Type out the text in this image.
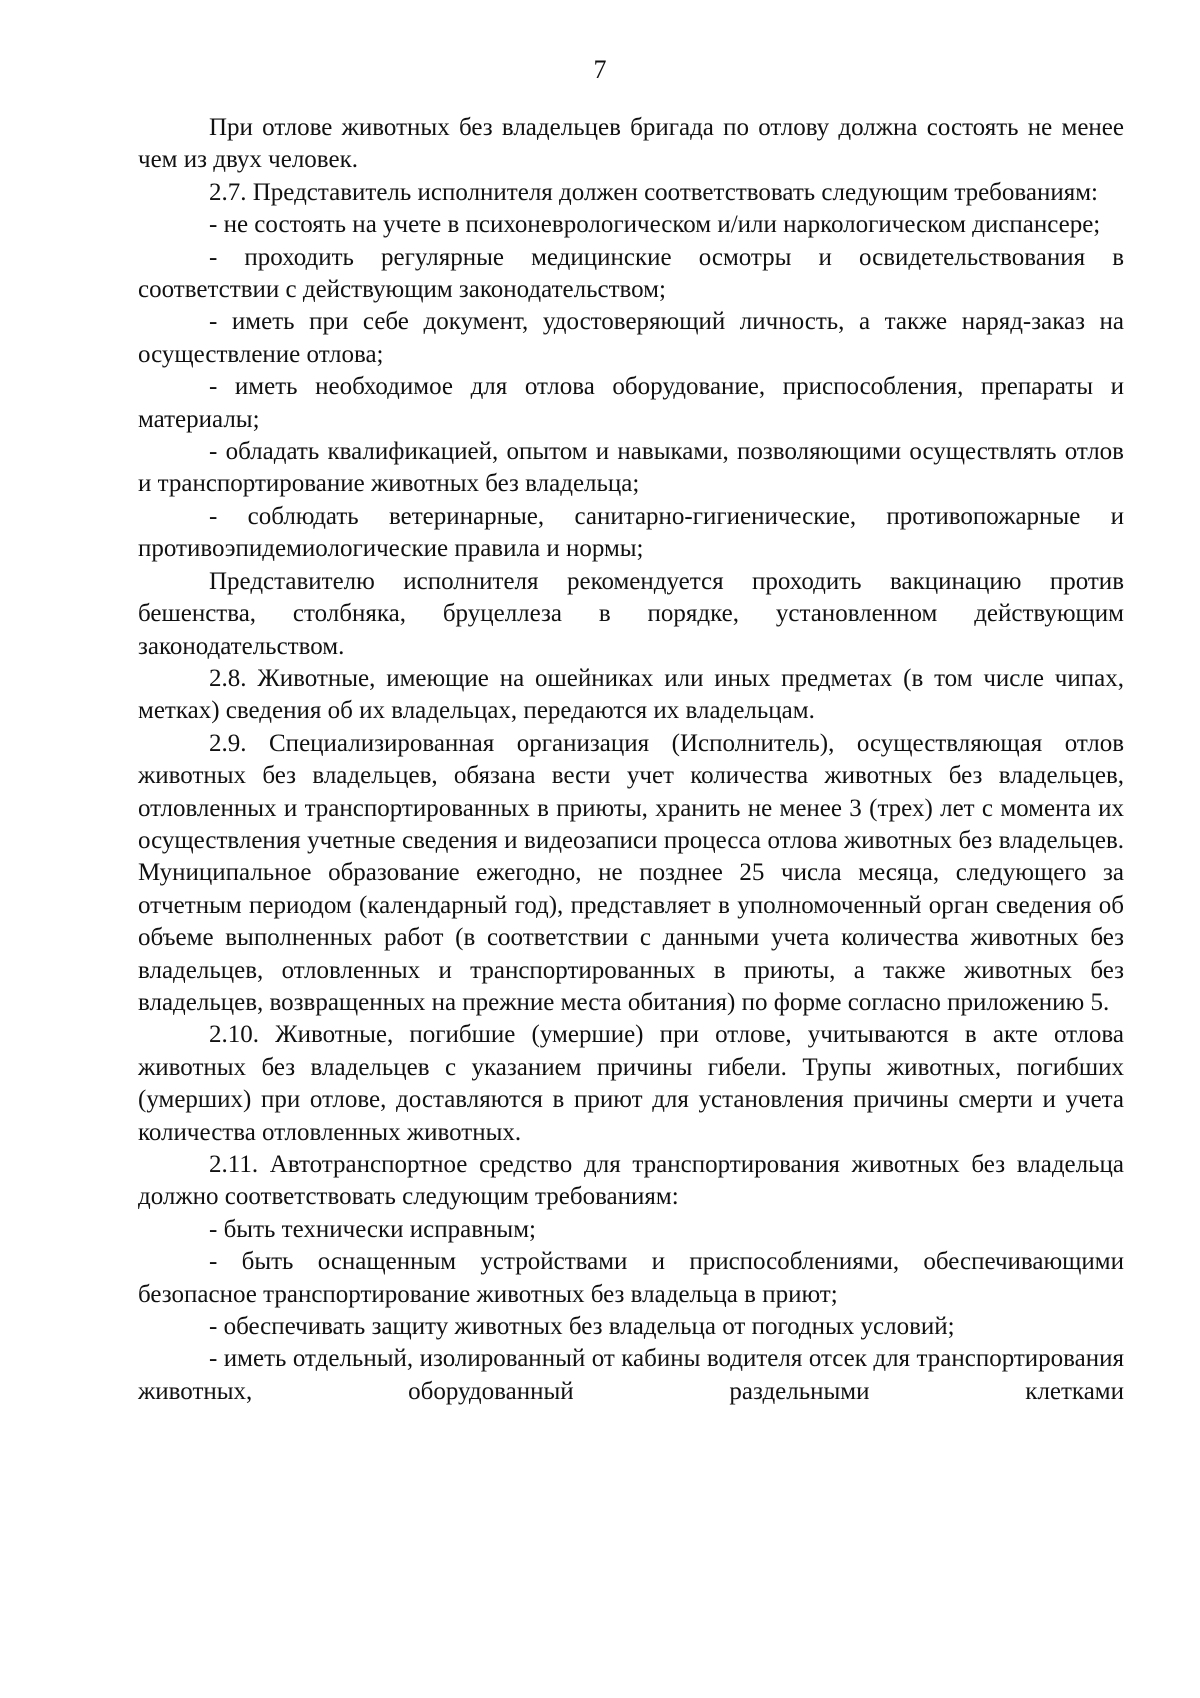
7

При отлове животных без владельцев бригада по отлову должна состоять не менее чем из двух человек.

2.7. Представитель исполнителя должен соответствовать следующим требованиям:

- не состоять на учете в психоневрологическом и/или наркологическом диспансере;

- проходить регулярные медицинские осмотры и освидетельствования в соответствии с действующим законодательством;

- иметь при себе документ, удостоверяющий личность, а также наряд-заказ на осуществление отлова;

- иметь необходимое для отлова оборудование, приспособления, препараты и материалы;

- обладать квалификацией, опытом и навыками, позволяющими осуществлять отлов и транспортирование животных без владельца;

- соблюдать ветеринарные, санитарно-гигиенические, противопожарные и противоэпидемиологические правила и нормы;

Представителю исполнителя рекомендуется проходить вакцинацию против бешенства, столбняка, бруцеллеза в порядке, установленном действующим законодательством.

2.8. Животные, имеющие на ошейниках или иных предметах (в том числе чипах, метках) сведения об их владельцах, передаются их владельцам.

2.9. Специализированная организация (Исполнитель), осуществляющая отлов животных без владельцев, обязана вести учет количества животных без владельцев, отловленных и транспортированных в приюты, хранить не менее 3 (трех) лет с момента их осуществления учетные сведения и видеозаписи процесса отлова животных без владельцев. Муниципальное образование ежегодно, не позднее 25 числа месяца, следующего за отчетным периодом (календарный год), представляет в уполномоченный орган сведения об объеме выполненных работ (в соответствии с данными учета количества животных без владельцев, отловленных и транспортированных в приюты, а также животных без владельцев, возвращенных на прежние места обитания) по форме согласно приложению 5.

2.10. Животные, погибшие (умершие) при отлове, учитываются в акте отлова животных без владельцев с указанием причины гибели. Трупы животных, погибших (умерших) при отлове, доставляются в приют для установления причины смерти и учета количества отловленных животных.

2.11. Автотранспортное средство для транспортирования животных без владельца должно соответствовать следующим требованиям:

- быть технически исправным;

- быть оснащенным устройствами и приспособлениями, обеспечивающими безопасное транспортирование животных без владельца в приют;

- обеспечивать защиту животных без владельца от погодных условий;

- иметь отдельный, изолированный от кабины водителя отсек для транспортирования животных, оборудованный раздельными клетками
